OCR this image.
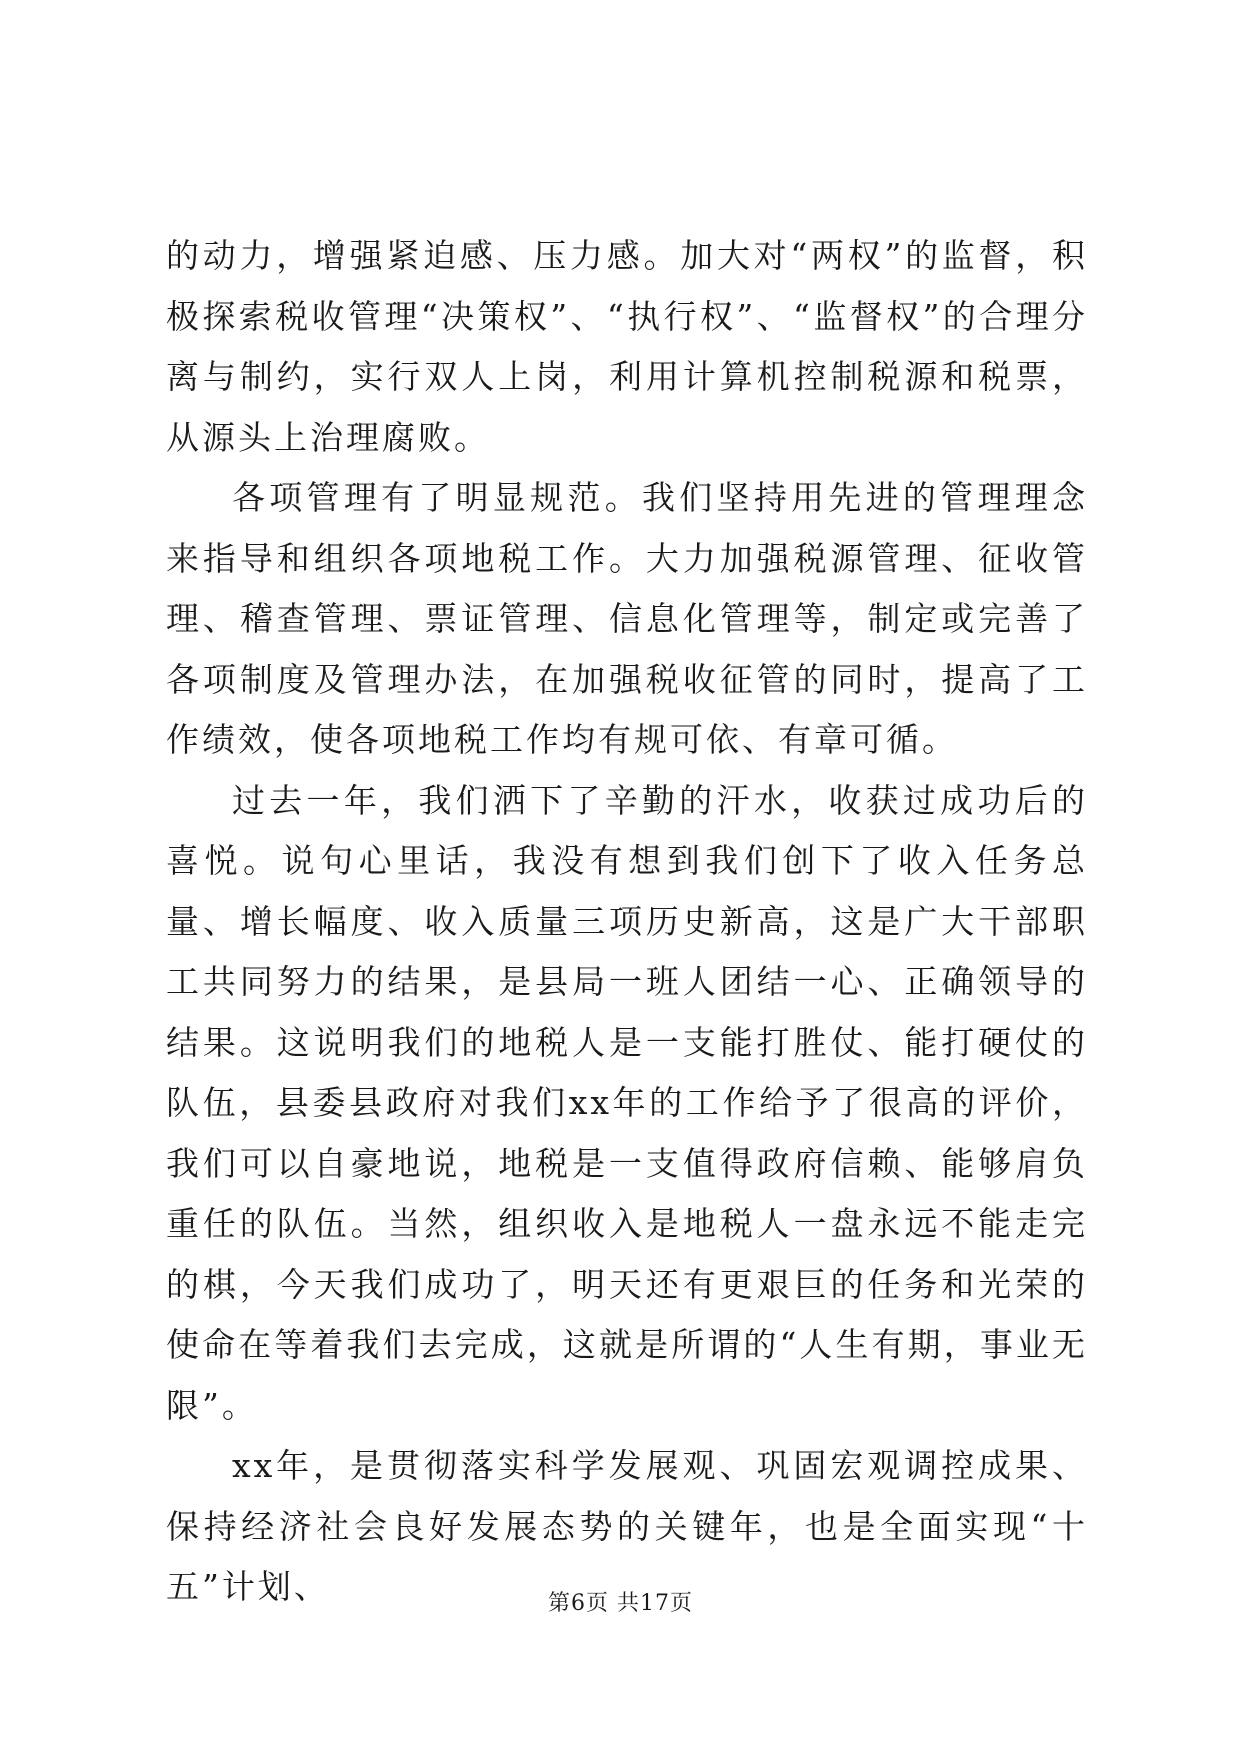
的动力，增强紧迫感、压力感。加大对“两权”的监督，积极探索税收管理“决策权”、“执行权”、“监督权”的合理分离与制约，实行双人上岗，利用计算机控制税源和税票，从源头上治理腐败。

各项管理有了明显规范。我们坚持用先进的管理理念来指导和组织各项地税工作。大力加强税源管理、征收管理、稽查管理、票证管理、信息化管理等，制定或完善了各项制度及管理办法，在加强税收征管的同时，提高了工作绩效，使各项地税工作均有规可依、有章可循。

过去一年，我们洒下了辛勤的汗水，收获过成功后的喜悦。说句心里话，我没有想到我们创下了收入任务总量、增长幅度、收入质量三项历史新高，这是广大干部职工共同努力的结果，是县局一班人团结一心、正确领导的结果。这说明我们的地税人是一支能打胜仗、能打硬仗的队伍，县委县政府对我们xx年的工作给予了很高的评价，我们可以自豪地说，地税是一支值得政府信赖、能够肩负重任的队伍。当然，组织收入是地税人一盘永远不能走完的棋，今天我们成功了，明天还有更艰巨的任务和光荣的使命在等着我们去完成，这就是所谓的“人生有期，事业无限”。

xx年，是贯彻落实科学发展观、巩固宏观调控成果、保持经济社会良好发展态势的关键年，也是全面实现“十五”计划、	第6页 共17页
